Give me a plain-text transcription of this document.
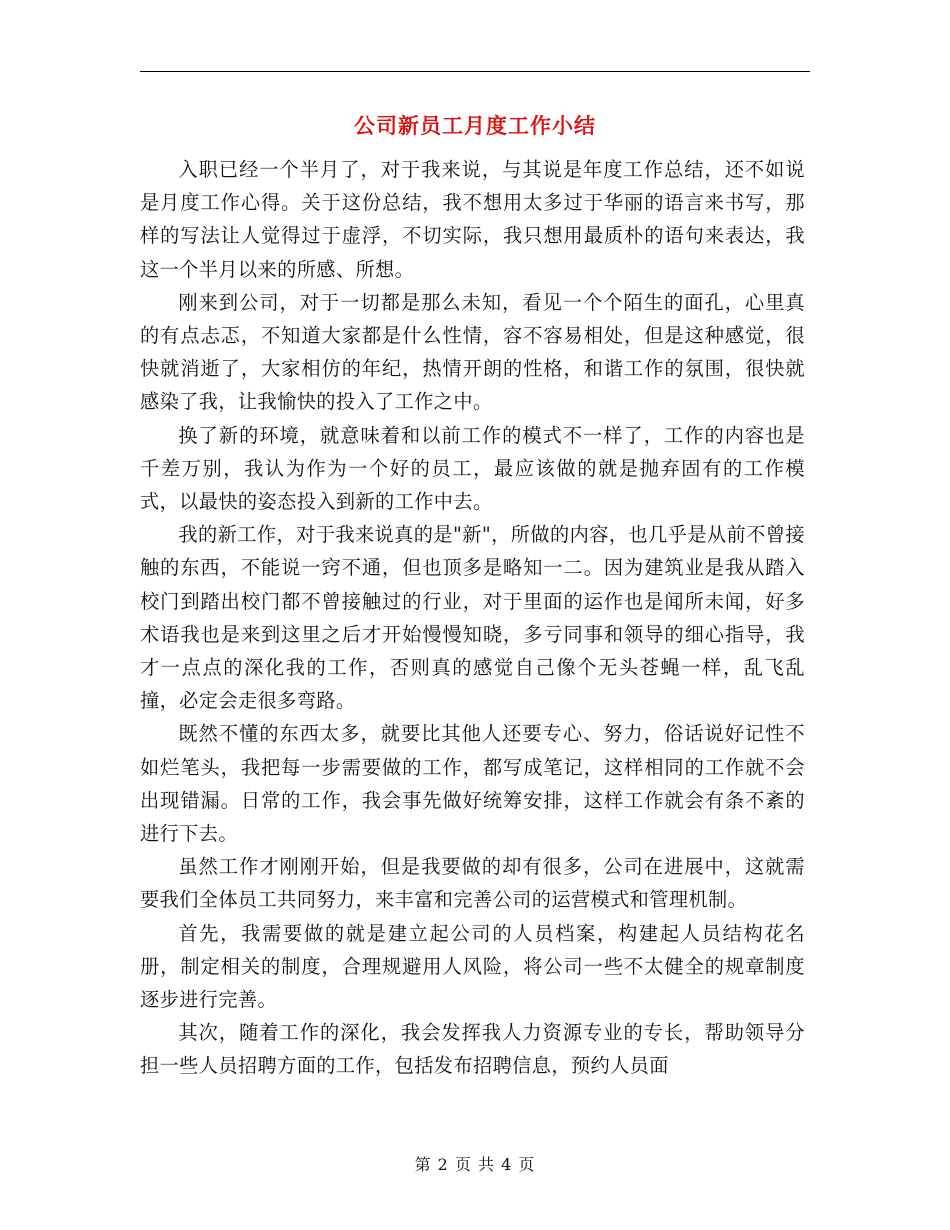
公司新员工月度工作小结

入职已经一个半月了，对于我来说，与其说是年度工作总结，还不如说是月度工作心得。关于这份总结，我不想用太多过于华丽的语言来书写，那样的写法让人觉得过于虚浮，不切实际，我只想用最质朴的语句来表达，我这一个半月以来的所感、所想。

刚来到公司，对于一切都是那么未知，看见一个个陌生的面孔，心里真的有点忐忑，不知道大家都是什么性情，容不容易相处，但是这种感觉，很快就消逝了，大家相仿的年纪，热情开朗的性格，和谐工作的氛围，很快就感染了我，让我愉快的投入了工作之中。

换了新的环境，就意味着和以前工作的模式不一样了，工作的内容也是千差万别，我认为作为一个好的员工，最应该做的就是抛弃固有的工作模式，以最快的姿态投入到新的工作中去。

我的新工作，对于我来说真的是"新"，所做的内容，也几乎是从前不曾接触的东西，不能说一窍不通，但也顶多是略知一二。因为建筑业是我从踏入校门到踏出校门都不曾接触过的行业，对于里面的运作也是闻所未闻，好多术语我也是来到这里之后才开始慢慢知晓，多亏同事和领导的细心指导，我才一点点的深化我的工作，否则真的感觉自己像个无头苍蝇一样，乱飞乱撞，必定会走很多弯路。

既然不懂的东西太多，就要比其他人还要专心、努力，俗话说好记性不如烂笔头，我把每一步需要做的工作，都写成笔记，这样相同的工作就不会出现错漏。日常的工作，我会事先做好统筹安排，这样工作就会有条不紊的进行下去。

虽然工作才刚刚开始，但是我要做的却有很多，公司在进展中，这就需要我们全体员工共同努力，来丰富和完善公司的运营模式和管理机制。

首先，我需要做的就是建立起公司的人员档案，构建起人员结构花名册，制定相关的制度，合理规避用人风险，将公司一些不太健全的规章制度逐步进行完善。

其次，随着工作的深化，我会发挥我人力资源专业的专长，帮助领导分担一些人员招聘方面的工作，包括发布招聘信息，预约人员面

第 2 页 共 4 页
